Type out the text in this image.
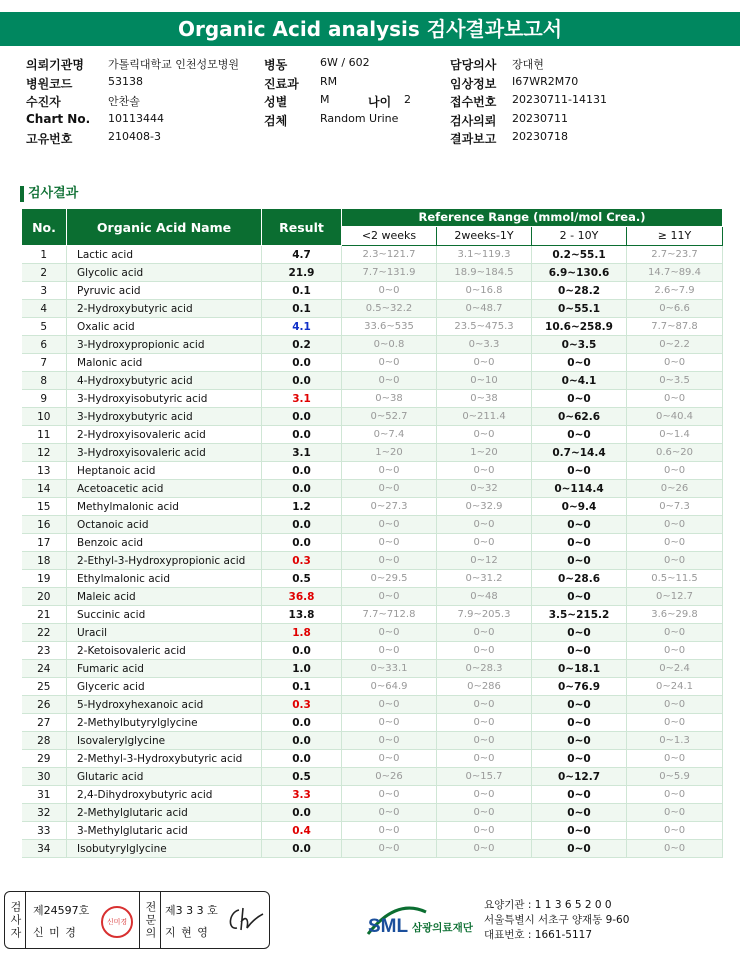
Organic Acid analysis 검사결과보고서
의뢰기관명 가톨릭대학교 인천성모병원 병동	6W / 602	담당의사 장대현
병원코드	53138	진료과 RM	임상정보 I67WR2M70
수진자	안찬솔	성별	M	나이 2	접수번호 20230711-14131
Chart No. 10113444	검체	Random Urine	검사의뢰 20230711
고유번호	210408-3	결과보고 20230718
검사결과
No.	Organic Acid Name	Result	Reference Range (mmol/mol Crea.)			
			<2 weeks	2weeks-1Y	2 - 10Y	≥ 11Y
1	Lactic acid	4.7	2.3~121.7	3.1~119.3	0.2~55.1	2.7~23.7
2	Glycolic acid	21.9	7.7~131.9	18.9~184.5	6.9~130.6	14.7~89.4
3	Pyruvic acid	0.1	0~0	0~16.8	0~28.2	2.6~7.9
4	2-Hydroxybutyric acid	0.1	0.5~32.2	0~48.7	0~55.1	0~6.6
5	Oxalic acid	4.1	33.6~535	23.5~475.3	10.6~258.9	7.7~87.8
6	3-Hydroxypropionic acid	0.2	0~0.8	0~3.3	0~3.5	0~2.2
7	Malonic acid	0.0	0~0	0~0	0~0	0~0
8	4-Hydroxybutyric acid	0.0	0~0	0~10	0~4.1	0~3.5
9	3-Hydroxyisobutyric acid	3.1	0~38	0~38	0~0	0~0
10	3-Hydroxybutyric acid	0.0	0~52.7	0~211.4	0~62.6	0~40.4
11	2-Hydroxyisovaleric acid	0.0	0~7.4	0~0	0~0	0~1.4
12	3-Hydroxyisovaleric acid	3.1	1~20	1~20	0.7~14.4	0.6~20
13	Heptanoic acid	0.0	0~0	0~0	0~0	0~0
14	Acetoacetic acid	0.0	0~0	0~32	0~114.4	0~26
15	Methylmalonic acid	1.2	0~27.3	0~32.9	0~9.4	0~7.3
16	Octanoic acid	0.0	0~0	0~0	0~0	0~0
17	Benzoic acid	0.0	0~0	0~0	0~0	0~0
18	2-Ethyl-3-Hydroxypropionic acid	0.3	0~0	0~12	0~0	0~0
19	Ethylmalonic acid	0.5	0~29.5	0~31.2	0~28.6	0.5~11.5
20	Maleic acid	36.8	0~0	0~48	0~0	0~12.7
21	Succinic acid	13.8	7.7~712.8	7.9~205.3	3.5~215.2	3.6~29.8
22	Uracil	1.8	0~0	0~0	0~0	0~0
23	2-Ketoisovaleric acid	0.0	0~0	0~0	0~0	0~0
24	Fumaric acid	1.0	0~33.1	0~28.3	0~18.1	0~2.4
25	Glyceric acid	0.1	0~64.9	0~286	0~76.9	0~24.1
26	5-Hydroxyhexanoic acid	0.3	0~0	0~0	0~0	0~0
27	2-Methylbutyrylglycine	0.0	0~0	0~0	0~0	0~0
28	Isovalerylglycine	0.0	0~0	0~0	0~0	0~1.3
29	2-Methyl-3-Hydroxybutyric acid	0.0	0~0	0~0	0~0	0~0
30	Glutaric acid	0.5	0~26	0~15.7	0~12.7	0~5.9
31	2,4-Dihydroxybutyric acid	3.3	0~0	0~0	0~0	0~0
32	2-Methylglutaric acid	0.0	0~0	0~0	0~0	0~0
33	3-Methylglutaric acid	0.4	0~0	0~0	0~0	0~0
34	Isobutyrylglycine	0.0	0~0	0~0	0~0	0~0
검사자	제24597호
신 미 경
신미경	전문의 제3 3 3 호
지 현 영	SML 삼광의료재단
요양기관 : 1 1 3 6 5 2 0 0
서울특별시 서초구 양재동 9-60
대표번호 : 1661-5117
